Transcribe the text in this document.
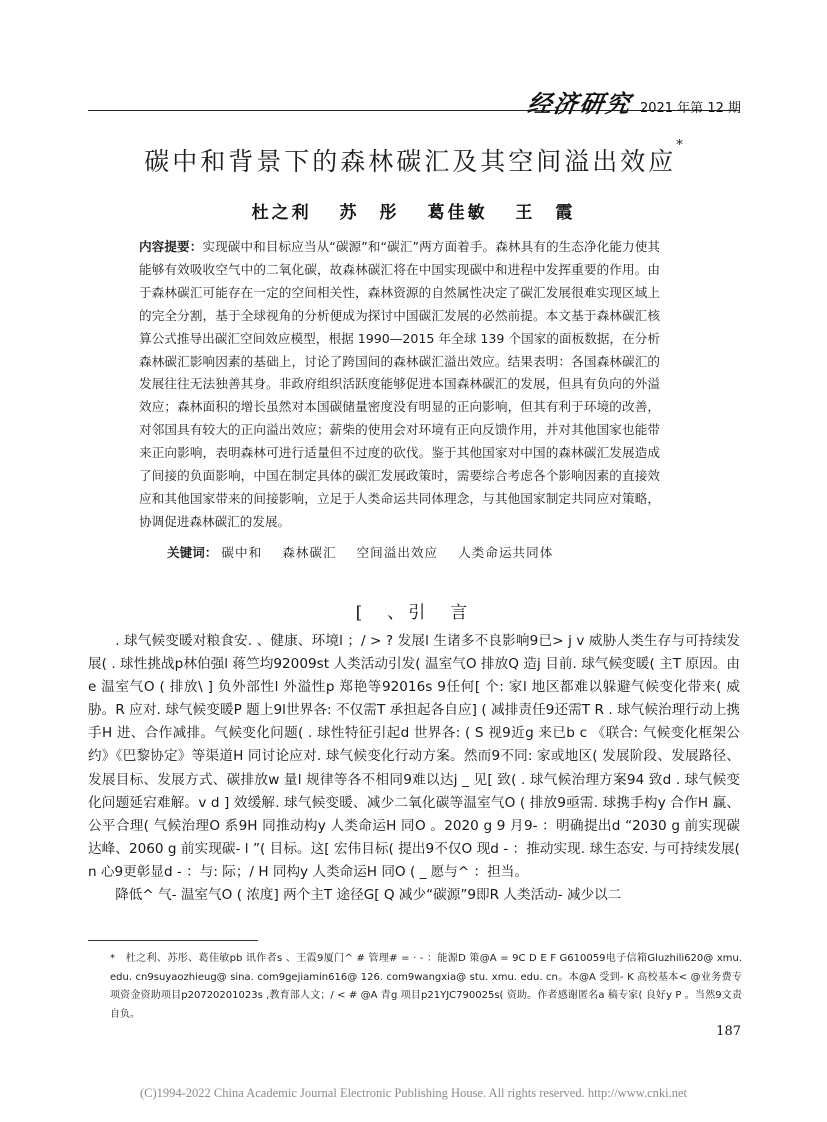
经济研究 2021 年第 12 期
碳中和背景下的森林碳汇及其空间溢出效应*
杜之利 苏　彤 葛佳敏 王　霞
内容提要：实现碳中和目标应当从“碳源”和“碳汇”两方面着手。森林具有的生态净化能力使其能够有效吸收空气中的二氧化碳，故森林碳汇将在中国实现碳中和进程中发挥重要的作用。由于森林碳汇可能存在一定的空间相关性，森林资源的自然属性决定了碳汇发展很难实现区域上的完全分割，基于全球视角的分析便成为探讨中国碳汇发展的必然前提。本文基于森林碳汇核算公式推导出碳汇空间效应模型，根据 1990—2015 年全球 139 个国家的面板数据，在分析森林碳汇影响因素的基础上，讨论了跨国间的森林碳汇溢出效应。结果表明：各国森林碳汇的发展往往无法独善其身。非政府组织活跃度能够促进本国森林碳汇的发展，但具有负向的外溢效应；森林面积的增长虽然对本国碳储量密度没有明显的正向影响，但其有利于环境的改善，对邻国具有较大的正向溢出效应；薪柴的使用会对环境有正向反馈作用，并对其他国家也能带来正向影响，表明森林可进行适量但不过度的砍伐。鉴于其他国家对中国的森林碳汇发展造成了间接的负面影响，中国在制定具体的碳汇发展政策时，需要综合考虑各个影响因素的直接效应和其他国家带来的间接影响，立足于人类命运共同体理念，与其他国家制定共同应对策略，协调促进森林碳汇的发展。
关键词： 碳中和 森林碳汇 空间溢出效应 人类命运共同体
[　、引　言

. 球气候变暖对粮食安. 、健康、环境l ；/ > ? 发展l 生诸多不良影响9已> j v 威胁人类生存与可持续发展( . 球性挑战p林伯强l 蒋竺均92009st 人类活动引发( 温室气O 排放Q 造j 目前. 球气候变暖( 主T 原因。由e 温室气O ( 排放\ ] 负外部性l 外溢性p 郑艳等92016s 9任何[ 个: 家l 地区都难以躲避气候变化带来( 威胁。R 应对. 球气候变暖P 题上9l世界各: 不仅需T 承担起各自应] ( 减排责任9还需T R . 球气候治理行动上携手H 进、合作减排。气候变化问题( . 球性特征引起d 世界各: ( S 视9近g 来已b c 《联合: 气候变化框架公约》《巴黎协定》等渠道H 同讨论应对. 球气候变化行动方案。然而9不同: 家或地区( 发展阶段、发展路径、发展目标、发展方式、碳排放w 量l 规律等各不相同9难以达j _ 见[ 致( . 球气候治理方案94 致d . 球气候变化问题延宕难解。v d ] 效缓解. 球气候变暖、减少二氧化碳等温室气O ( 排放9亟需. 球携手构y 合作H 赢、公平合理( 气候治理O 系9H 同推动构y 人类命运H 同O 。2020 g 9 月9- ：明确提出d “2030 g 前实现碳达峰、2060 g 前实现碳- l ”( 目标。这[ 宏伟目标( 提出9不仅O 现d - ：推动实现. 球生态安. 与可持续发展( n 心9更彰显d - ：与: 际；/ H 同构y 人类命运H 同O ( _ 愿与^ ：担当。

降低^ 气- 温室气O ( 浓度] 两个主T 途径G[ Q 减少“碳源”9即R 人类活动- 减少以二

*　杜之利、苏彤、葛佳敏pb 讯作者s 、王霞9厦门^ # 管理# = · - ：能源D 策@A = 9C D E F G610059电子信箱Gluzhili620@ xmu. edu. cn9suyaozhieug@ sina. com9gejiamin616@ 126. com9wangxia@ stu. xmu. edu. cn。本@A 受到- K 高校基本< @业务费专项资金资助项目p20720201023s ,教育部人文；/ < # @A 青g 项目p21YJC790025s( 资助。作者感谢匿名a 稿专家( 良好y P 。当然9文责自负。
187
(C)1994-2022 China Academic Journal Electronic Publishing House. All rights reserved. http://www.cnki.net
